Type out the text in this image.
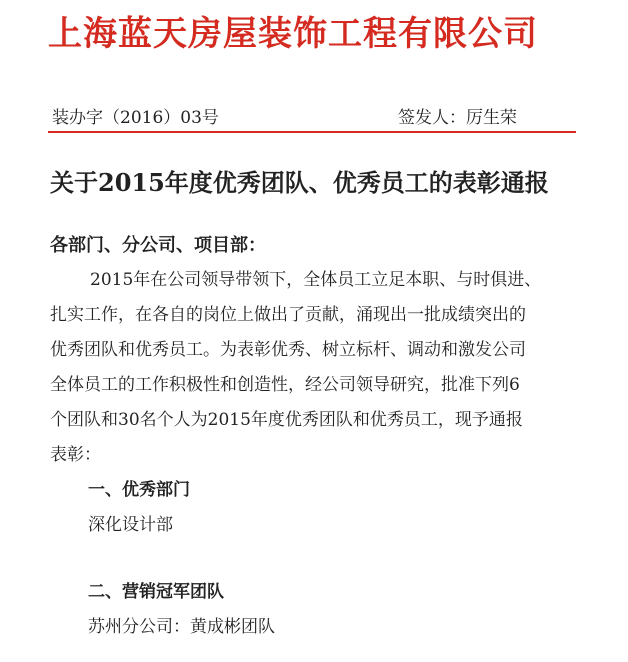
上海蓝天房屋装饰工程有限公司
装办字（2016）03号	签发人：厉生荣
关于2015年度优秀团队、优秀员工的表彰通报
各部门、分公司、项目部：
2015年在公司领导带领下，全体员工立足本职、与时俱进、
扎实工作，在各自的岗位上做出了贡献，涌现出一批成绩突出的
优秀团队和优秀员工。为表彰优秀、树立标杆、调动和激发公司
全体员工的工作积极性和创造性，经公司领导研究，批准下列6
个团队和30名个人为2015年度优秀团队和优秀员工，现予通报
表彰：
一、优秀部门
深化设计部
二、营销冠军团队
苏州分公司：黄成彬团队
